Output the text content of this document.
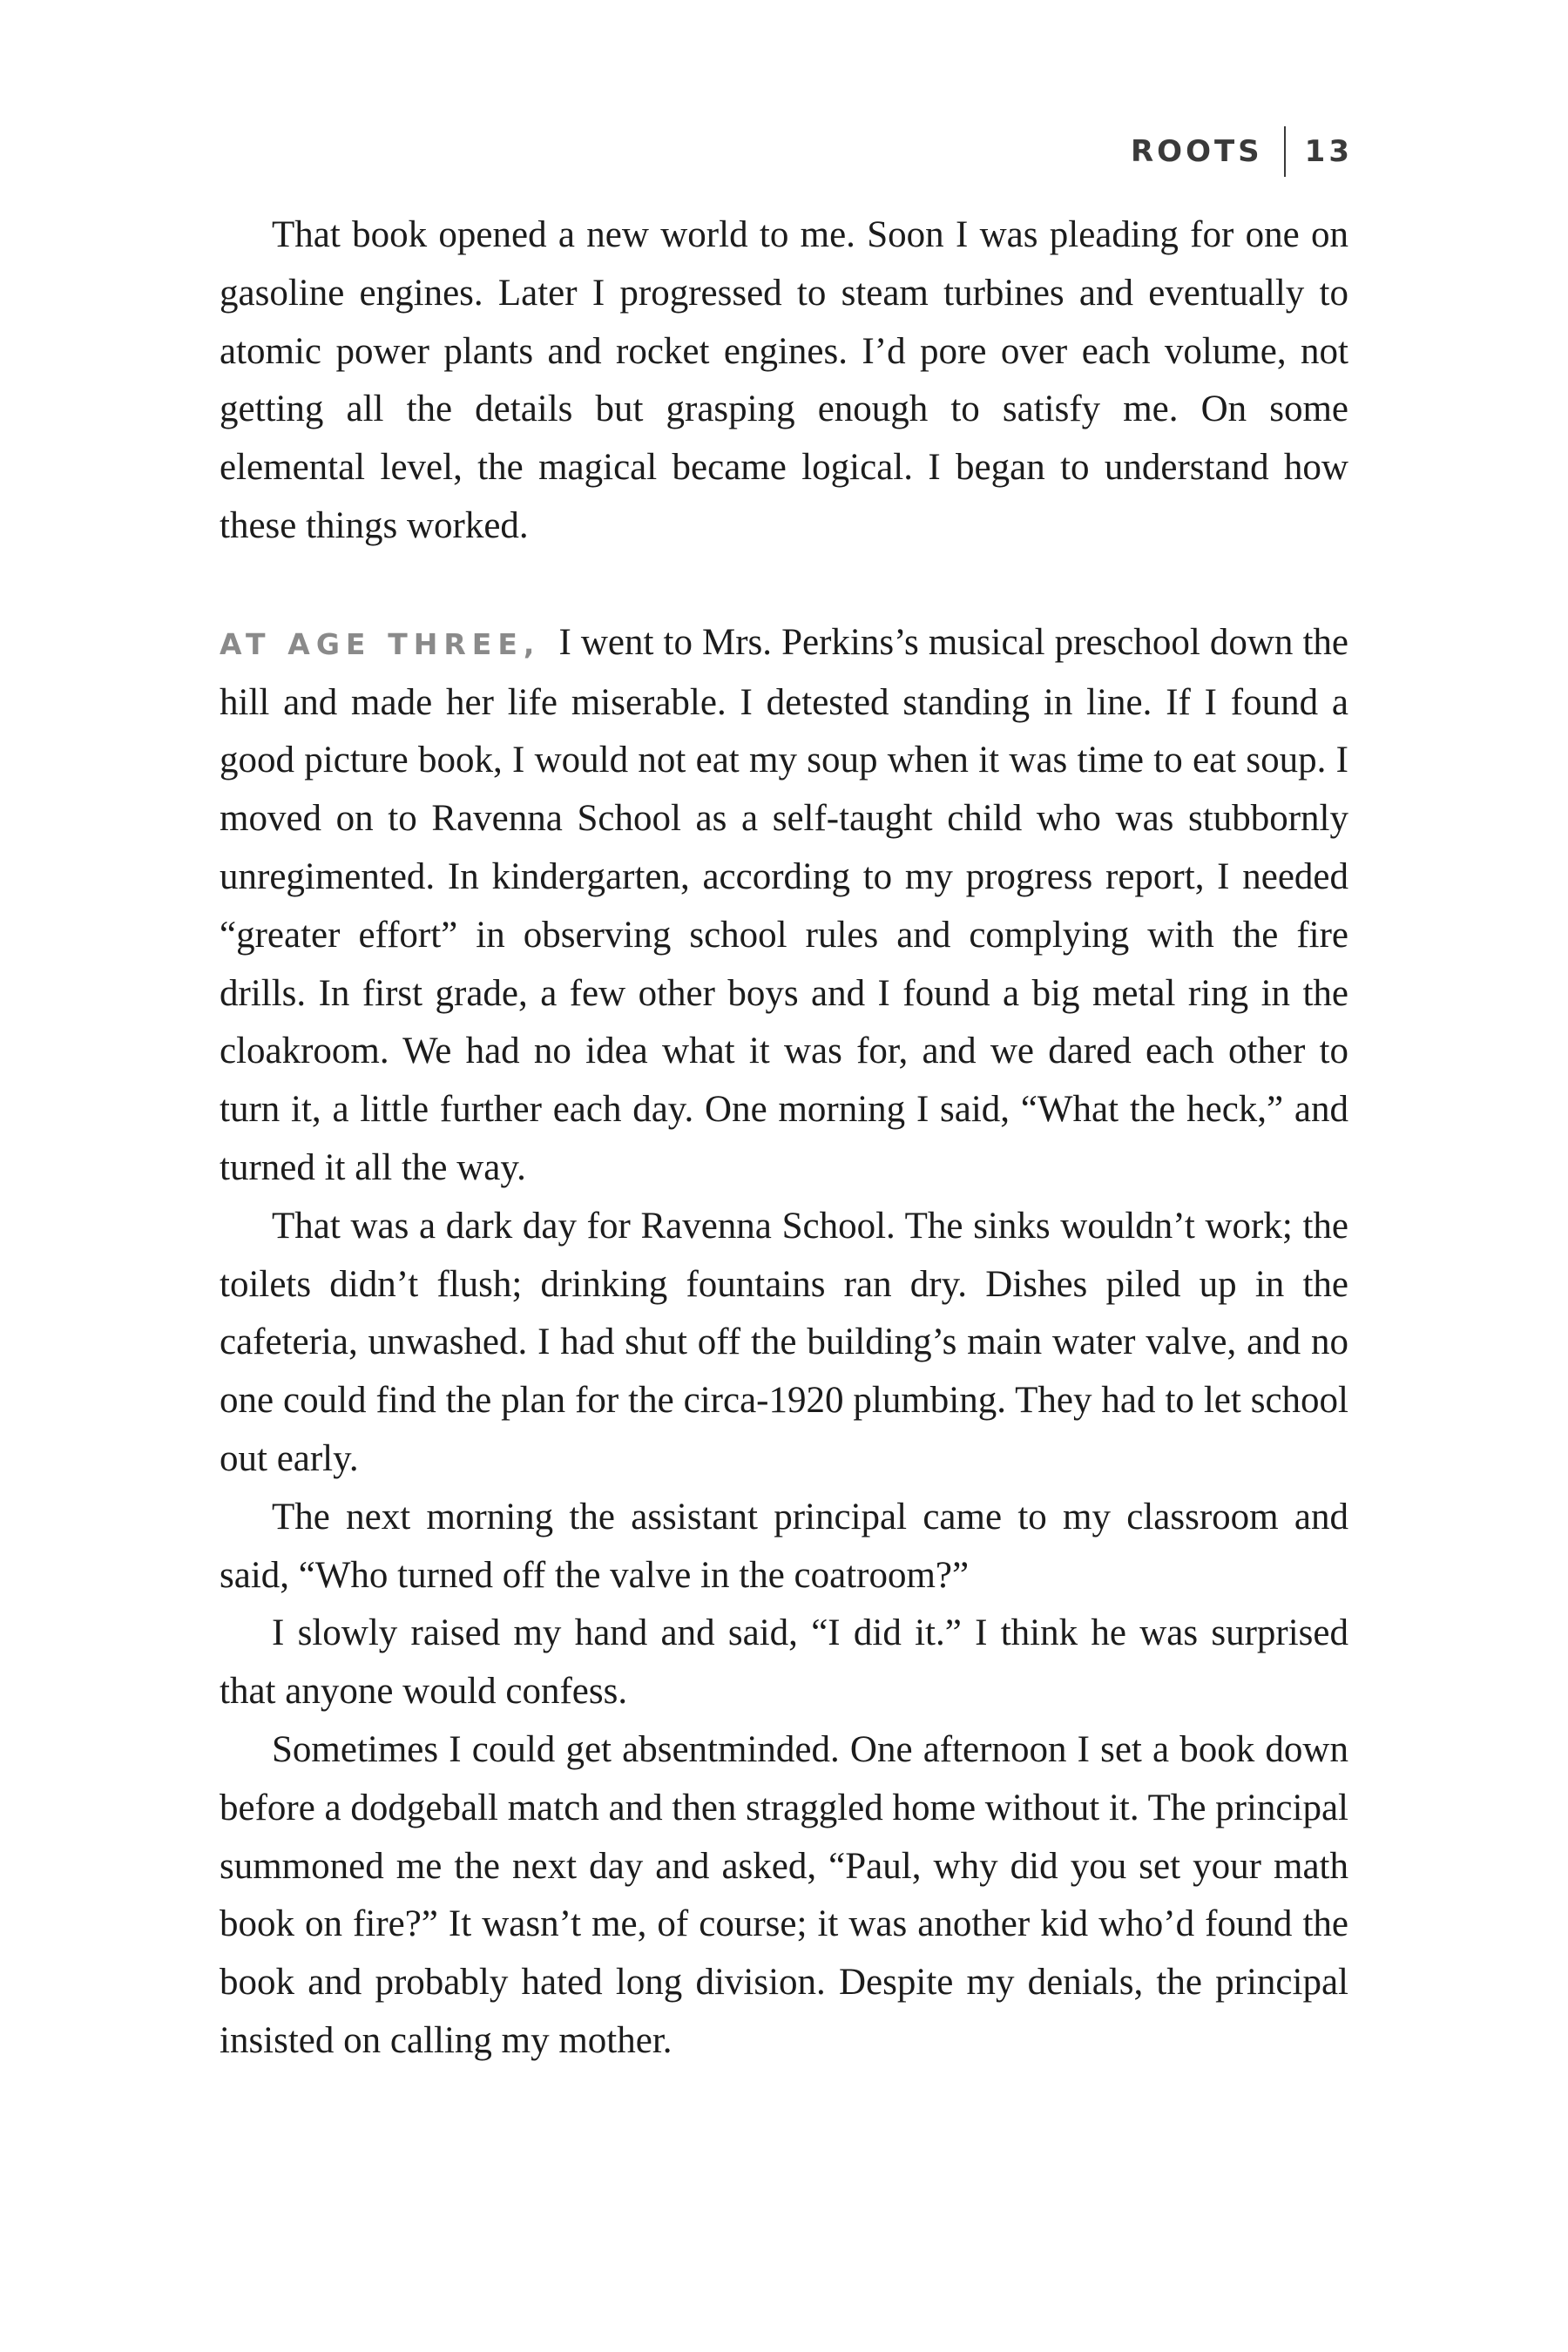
ROOTS 13

That book opened a new world to me. Soon I was pleading for one on gasoline engines. Later I progressed to steam turbines and eventually to atomic power plants and rocket engines. I’d pore over each volume, not getting all the details but grasping enough to satisfy me. On some elemental level, the magical became logical. I began to understand how these things worked.

AT AGE THREE, I went to Mrs. Perkins’s musical preschool down the hill and made her life miserable. I detested standing in line. If I found a good picture book, I would not eat my soup when it was time to eat soup. I moved on to Ravenna School as a self-taught child who was stubbornly unregimented. In kindergarten, according to my progress report, I needed “greater effort” in observing school rules and complying with the fire drills. In first grade, a few other boys and I found a big metal ring in the cloakroom. We had no idea what it was for, and we dared each other to turn it, a little further each day. One morning I said, “What the heck,” and turned it all the way.

That was a dark day for Ravenna School. The sinks wouldn’t work; the toilets didn’t flush; drinking fountains ran dry. Dishes piled up in the cafeteria, unwashed. I had shut off the building’s main water valve, and no one could find the plan for the circa-1920 plumbing. They had to let school out early.

The next morning the assistant principal came to my classroom and said, “Who turned off the valve in the coatroom?”

I slowly raised my hand and said, “I did it.” I think he was surprised that anyone would confess.

Sometimes I could get absentminded. One afternoon I set a book down before a dodgeball match and then straggled home without it. The principal summoned me the next day and asked, “Paul, why did you set your math book on fire?” It wasn’t me, of course; it was another kid who’d found the book and probably hated long division. Despite my denials, the principal insisted on calling my mother.
